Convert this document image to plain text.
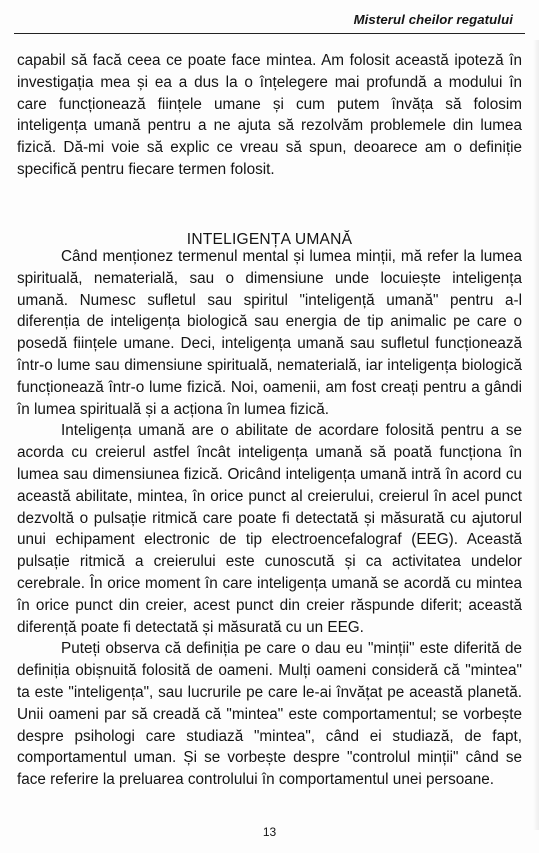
Misterul cheilor regatului

capabil să facă ceea ce poate face mintea. Am folosit această ipoteză în investigația mea și ea a dus la o înțelegere mai profundă a modului în care funcționează ființele umane și cum putem învăța să folosim inteligența umană pentru a ne ajuta să rezolvăm problemele din lumea fizică. Dă-mi voie să explic ce vreau să spun, deoarece am o definiție specifică pentru fiecare termen folosit.

INTELIGENȚA UMANĂ

Când menționez termenul mental și lumea minții, mă refer la lumea spirituală, nematerială, sau o dimensiune unde locuiește inteligența umană. Numesc sufletul sau spiritul "inteligență umană" pentru a-l diferenția de inteligența biologică sau energia de tip animalic pe care o posedă ființele umane. Deci, inteligența umană sau sufletul funcționează într-o lume sau dimensiune spirituală, nematerială, iar inteligența biologică funcționează într-o lume fizică. Noi, oamenii, am fost creați pentru a gândi în lumea spirituală și a acționa în lumea fizică.

Inteligența umană are o abilitate de acordare folosită pentru a se acorda cu creierul astfel încât inteligența umană să poată funcționa în lumea sau dimensiunea fizică. Oricând inteligența umană intră în acord cu această abilitate, mintea, în orice punct al creierului, creierul în acel punct dezvoltă o pulsație ritmică care poate fi detectată și măsurată cu ajutorul unui echipament electronic de tip electroencefalograf (EEG). Această pulsație ritmică a creierului este cunoscută și ca activitatea undelor cerebrale. În orice moment în care inteligența umană se acordă cu mintea în orice punct din creier, acest punct din creier răspunde diferit; această diferență poate fi detectată și măsurată cu un EEG.

Puteți observa că definiția pe care o dau eu "minții" este diferită de definiția obișnuită folosită de oameni. Mulți oameni consideră că "mintea" ta este "inteligența", sau lucrurile pe care le-ai învățat pe această planetă. Unii oameni par să creadă că "mintea" este comportamentul; se vorbește despre psihologi care studiază "mintea", când ei studiază, de fapt, comportamentul uman. Și se vorbește despre "controlul minții" când se face referire la preluarea controlului în comportamentul unei persoane.

13
